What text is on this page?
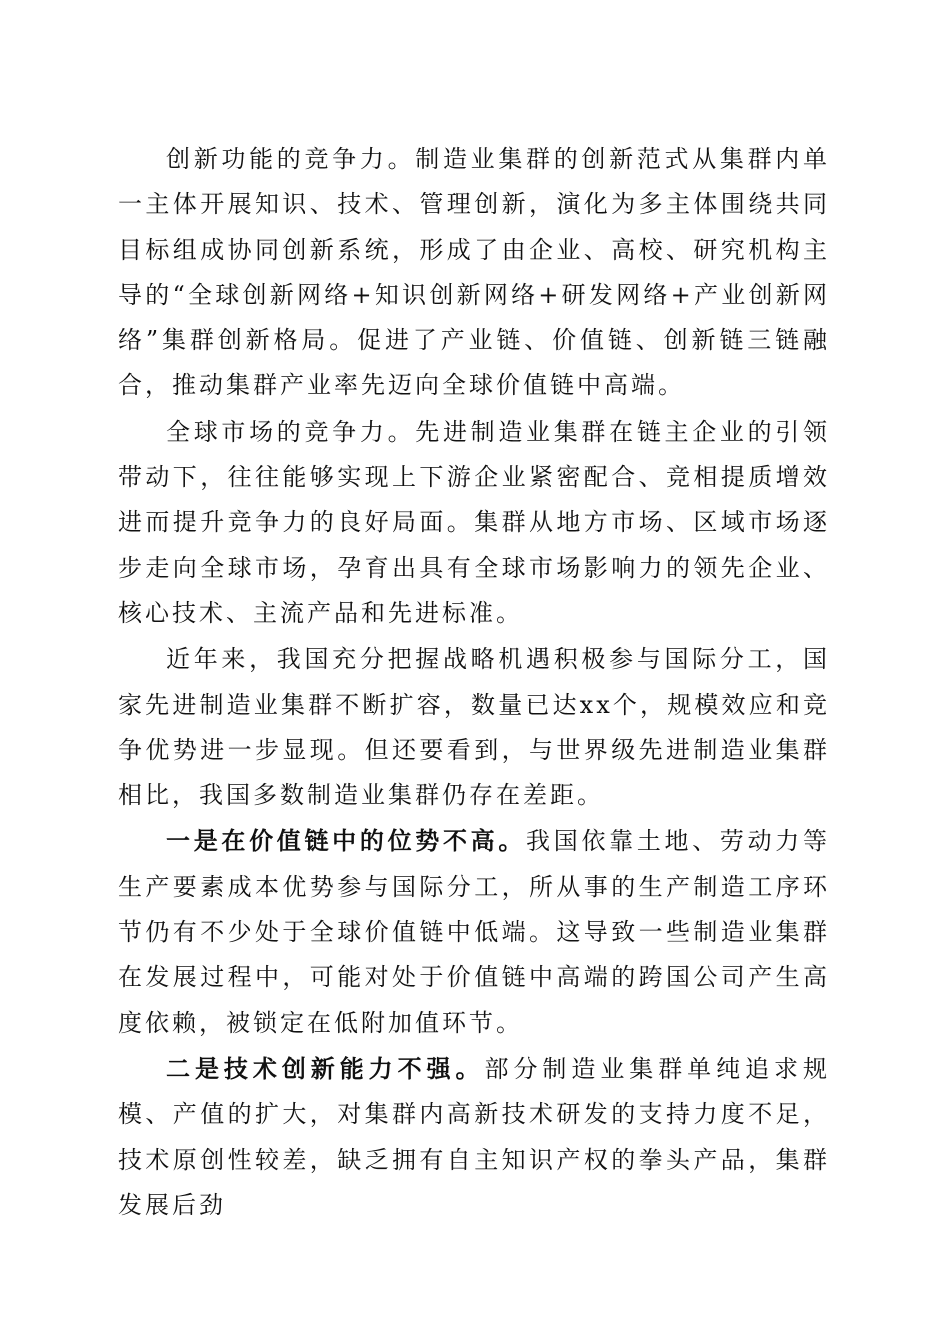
创新功能的竞争力。制造业集群的创新范式从集群内单一主体开展知识、技术、管理创新，演化为多主体围绕共同目标组成协同创新系统，形成了由企业、高校、研究机构主导的“全球创新网络+知识创新网络+研发网络+产业创新网络”集群创新格局。促进了产业链、价值链、创新链三链融合，推动集群产业率先迈向全球价值链中高端。

全球市场的竞争力。先进制造业集群在链主企业的引领带动下，往往能够实现上下游企业紧密配合、竞相提质增效进而提升竞争力的良好局面。集群从地方市场、区域市场逐步走向全球市场，孕育出具有全球市场影响力的领先企业、核心技术、主流产品和先进标准。

近年来，我国充分把握战略机遇积极参与国际分工，国家先进制造业集群不断扩容，数量已达xx个，规模效应和竞争优势进一步显现。但还要看到，与世界级先进制造业集群相比，我国多数制造业集群仍存在差距。

一是在价值链中的位势不高。我国依靠土地、劳动力等生产要素成本优势参与国际分工，所从事的生产制造工序环节仍有不少处于全球价值链中低端。这导致一些制造业集群在发展过程中，可能对处于价值链中高端的跨国公司产生高度依赖，被锁定在低附加值环节。

二是技术创新能力不强。部分制造业集群单纯追求规模、产值的扩大，对集群内高新技术研发的支持力度不足，技术原创性较差，缺乏拥有自主知识产权的拳头产品，集群发展后劲
